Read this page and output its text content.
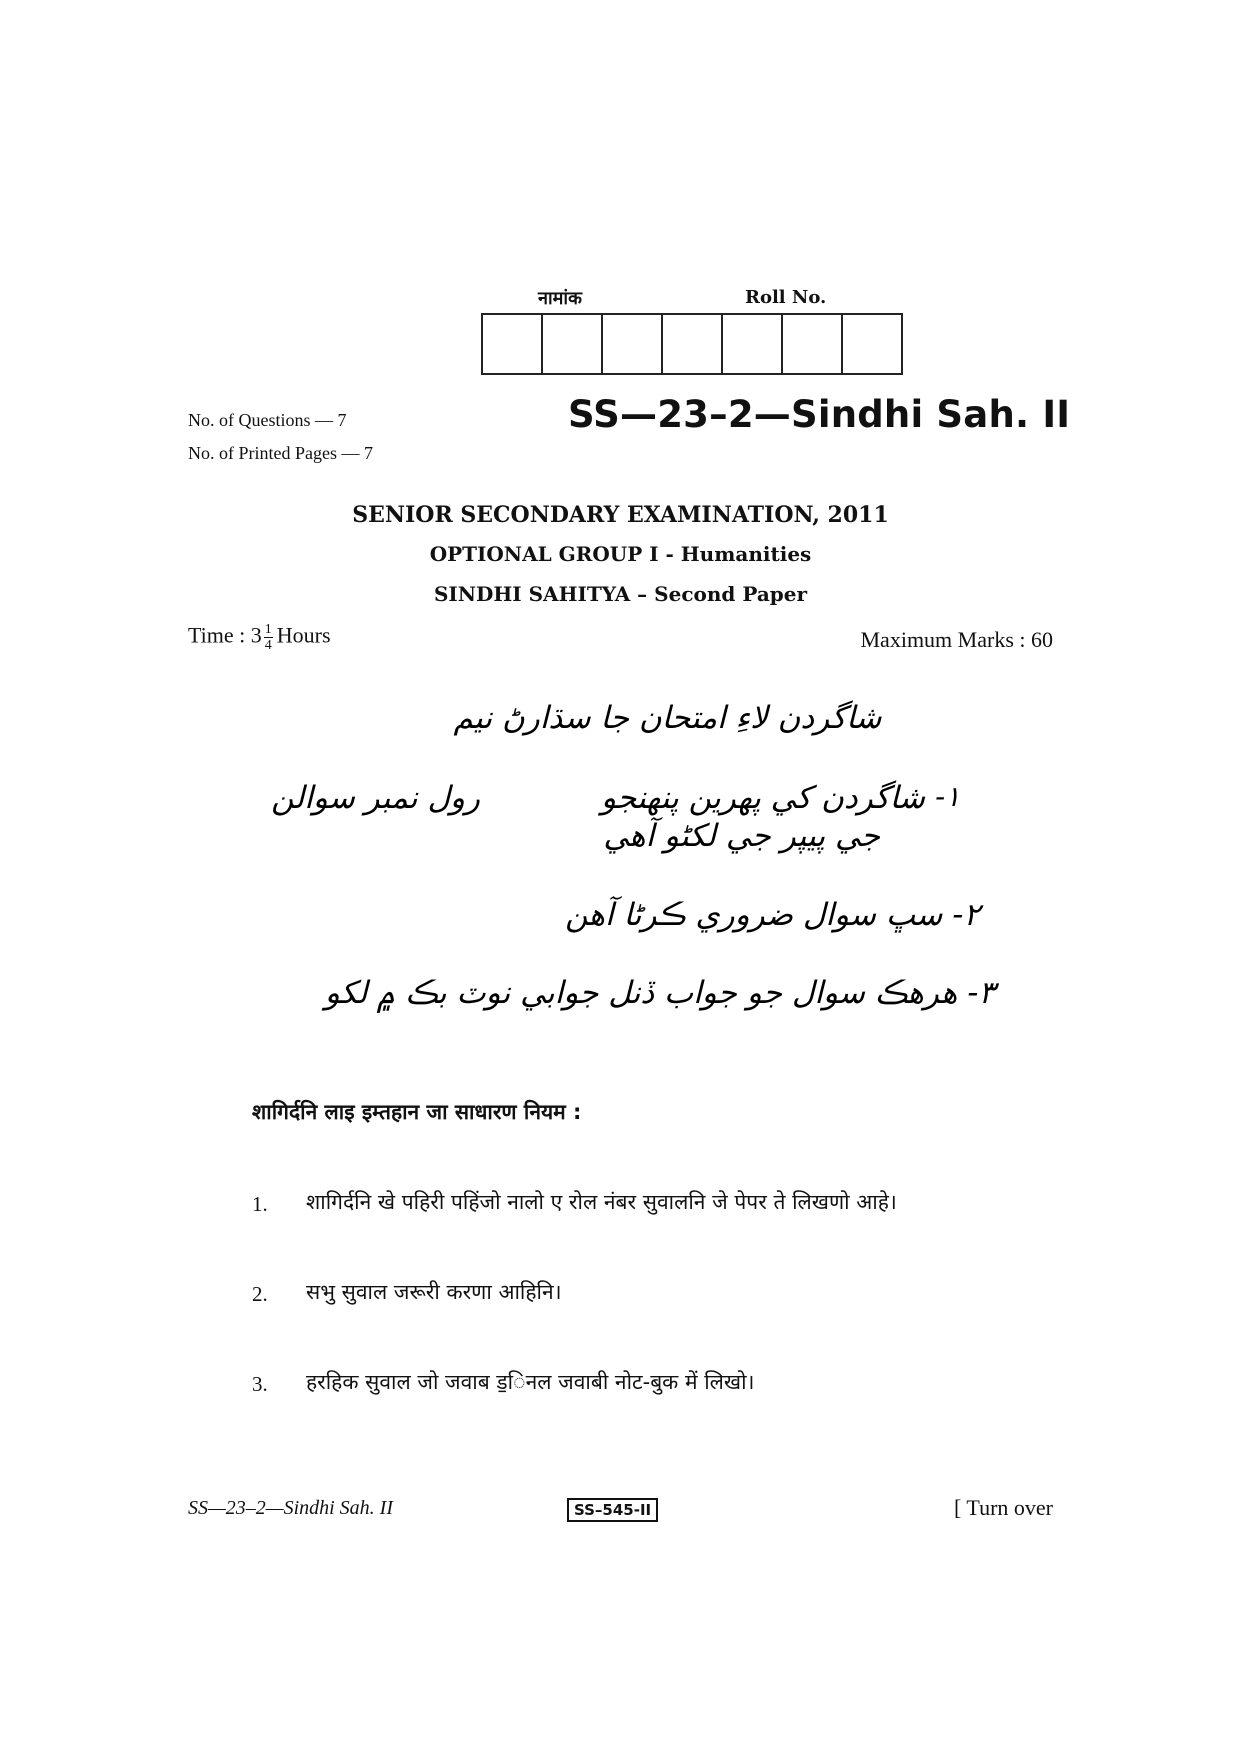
नामांक	Roll No.

No. of Questions — 7
No. of Printed Pages — 7
SS—23–2—Sindhi Sah. II
SENIOR SECONDARY EXAMINATION, 2011
OPTIONAL GROUP I - Humanities
SINDHI SAHITYA – Second Paper
Time : $3 \frac{1}{4}$ Hours	Maximum Marks : 60
شاگردن لاءِ امتحان جا سڌارڻ نيم
١-
شاگردن کي پهرين پنهنجو
رول نمبر سوالن
جي پيپر جي لکڻو آهي
٢- سڀ سوال ضروري ڪرڻا آهن
٣- هرهڪ سوال جو جواب ڏنل جوابي نوٽ بڪ ۾ لکو
शागिर्दनि लाइ इम्तहान जा साधारण नियम :
1. शागिर्दनि खे पहिरी पहिंजो नालो ए रोल नंबर सुवालनि जे पेपर ते लिखणो आहे।
2. सभु सुवाल जरूरी करणा आहिनि।
3. हरहिक सुवाल जो जवाब ड॒िनल जवाबी नोट-बुक में लिखो।
SS—23–2—Sindhi Sah. II	SS–545-II	[ Turn over
